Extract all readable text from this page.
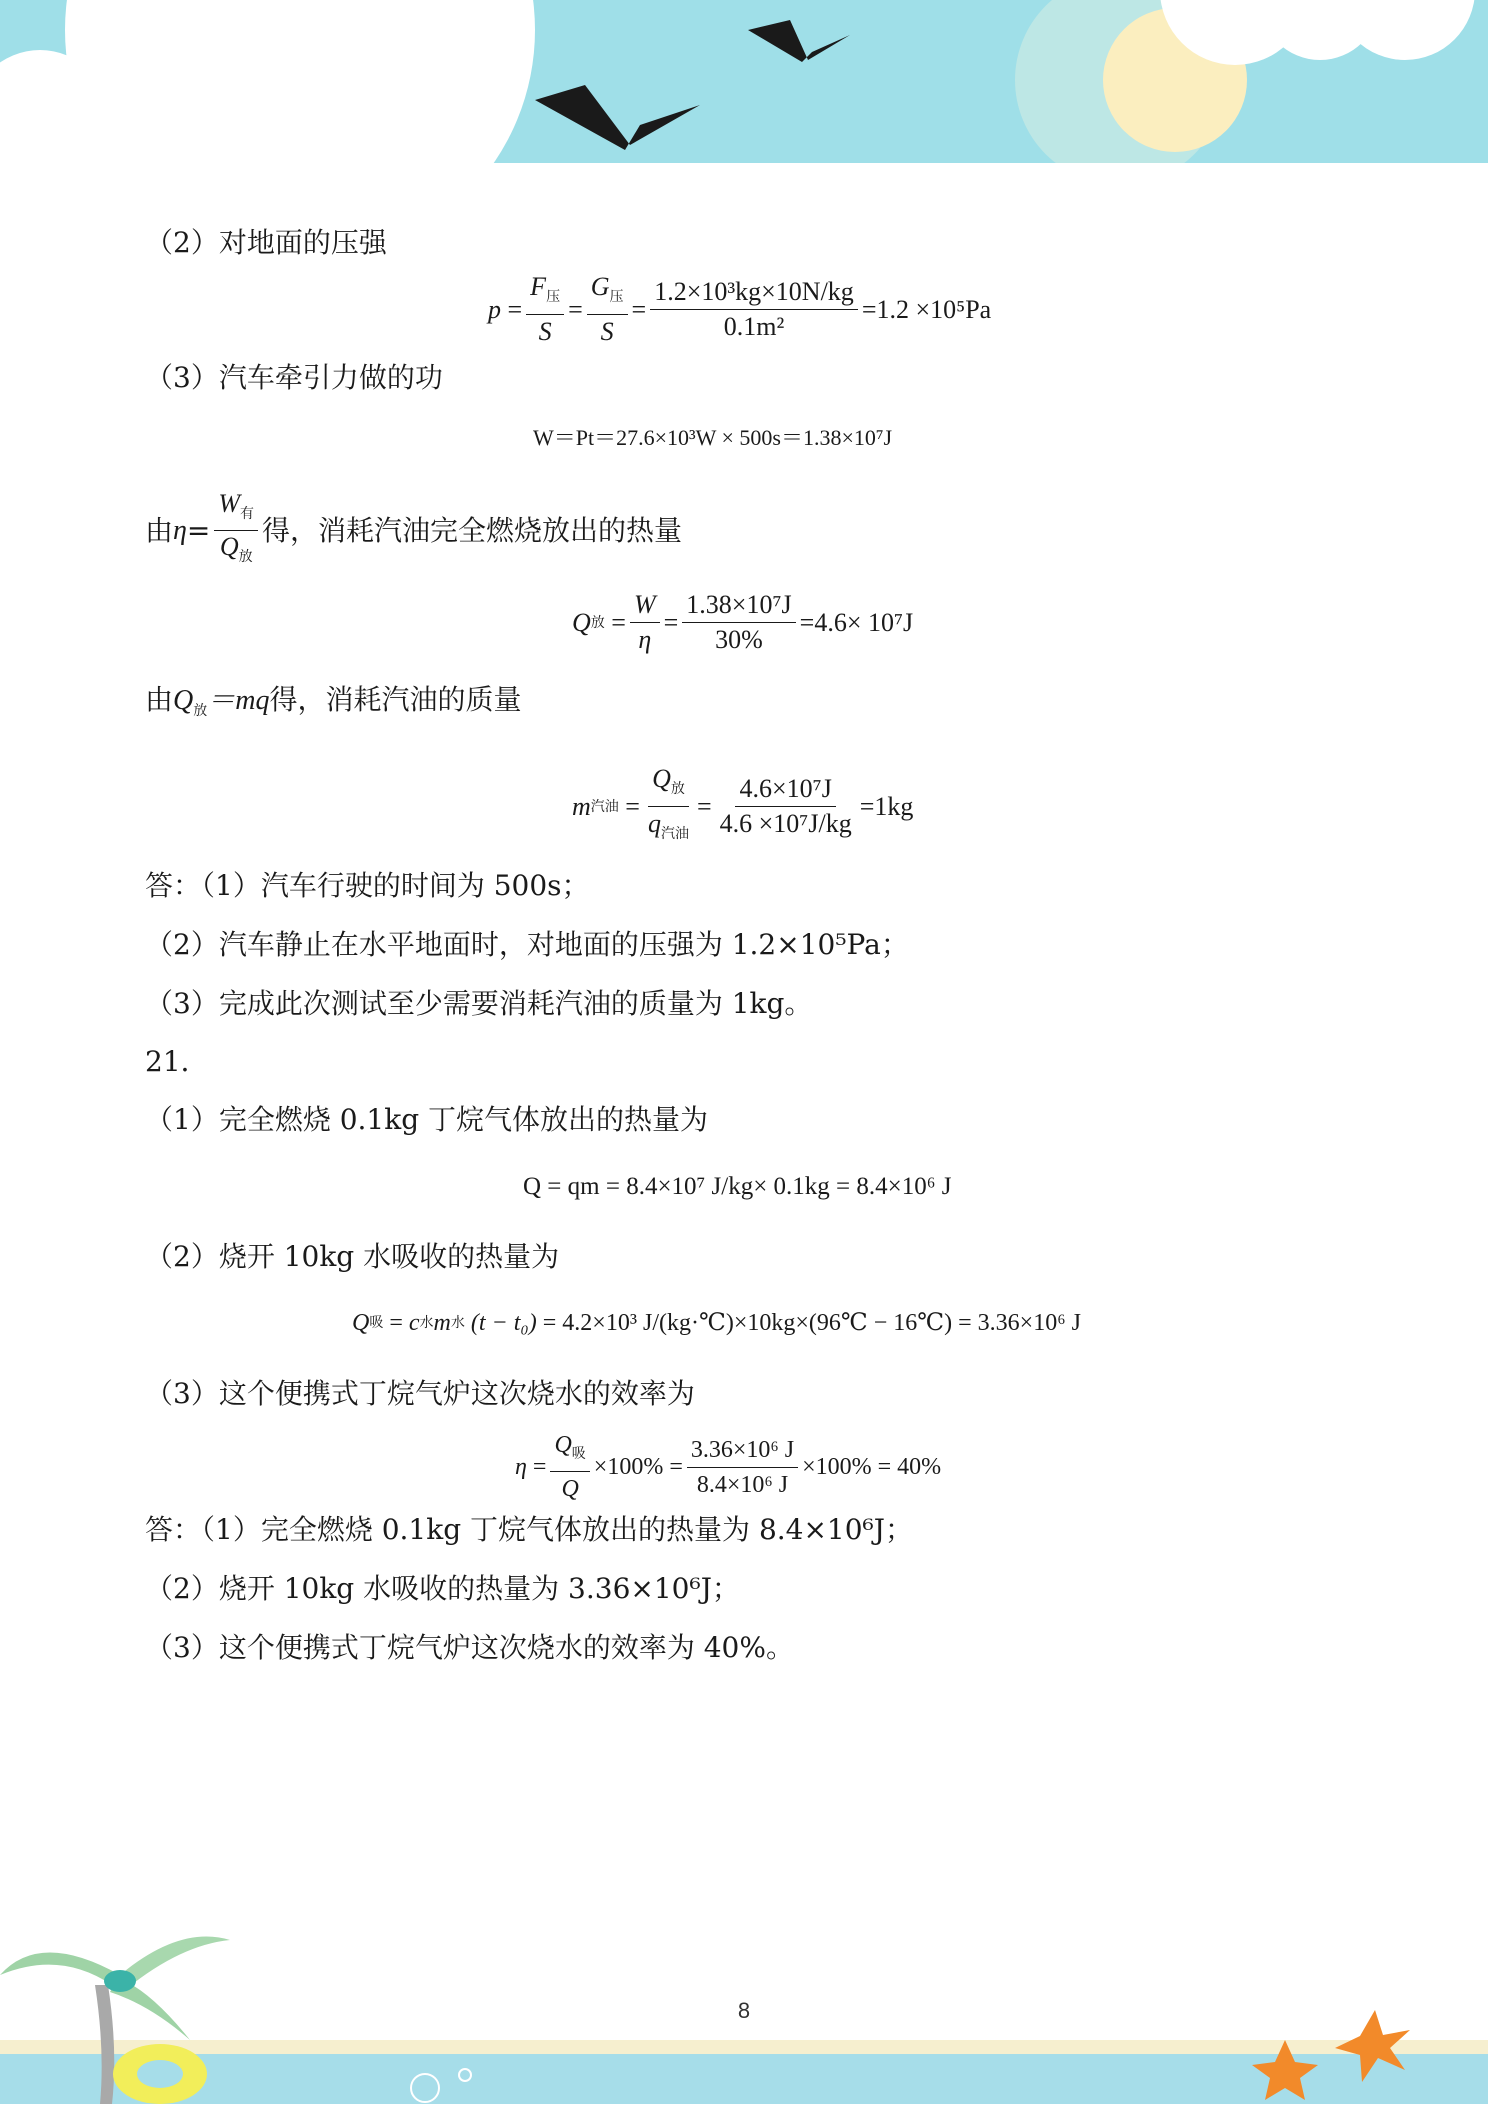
（2）对地面的压强
$p = \frac{F_压}{S} = \frac{G_压}{S} = \frac{\text{1.2×10³kg×10N/kg}}{\text{0.1m²}} =1.2 \times 10^5Pa$
（3）汽车牵引力做的功
W＝Pt＝27.6×10³W × 500s＝1.38×10⁷J
由 $\eta = \frac{W_有}{Q_放}$ 得，消耗汽油完全燃烧放出的热量
Q 放 = $\frac{W}{\eta} = \frac{\text{1.38×10⁷J}}{30\%} =4.6\times 10^7J$
由$Q_放=mq$得，消耗汽油的质量
m 汽油 = $\frac{Q_放}{q_{汽油}} = \frac{\text{4.6×10⁷J}}{\text{4.6 ×10⁷J/kg}} =1kg$
答：（1）汽车行驶的时间为 500s；
（2）汽车静止在水平地面时，对地面的压强为 1.2×10⁵Pa；
（3）完成此次测试至少需要消耗汽油的质量为 1kg。
21．
（1）完全燃烧 0.1kg 丁烷气体放出的热量为
Q = qm = 8.4×10⁷ J/kg× 0.1kg = 8.4×10⁶ J
（2）烧开 10kg 水吸收的热量为
Q 吸 = c 水 m 水
(t − t₀)
= 4.2×10³ J/(kg·℃)×10kg×(96℃ − 16℃) = 3.36×10⁶ J
（3）这个便携式丁烷气炉这次烧水的效率为
$\eta = \frac{Q_吸}{Q} \times 100\% = \frac{\text{3.36×10⁶ J}}{\text{8.4×10⁶ J}} \times 100\% = 40\%$
答：（1）完全燃烧 0.1kg 丁烷气体放出的热量为 8.4×10⁶J；
（2）烧开 10kg 水吸收的热量为 3.36×10⁶J；
（3）这个便携式丁烷气炉这次烧水的效率为 40%。
8
